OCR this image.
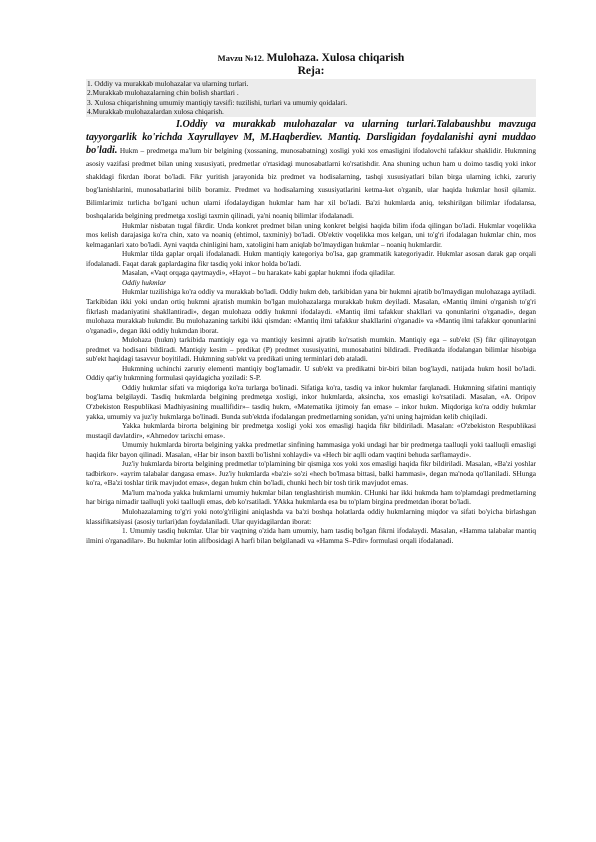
Mavzu №12. Mulohaza. Xulosa chiqarish

Reja:

1. Oddiy va murakkab mulohazalar va ularning turlari.
2.Murakkab mulohazalarning chin bolish shartlari .
3. Xulosa chiqarishning umumiy mantiqiy tavsifi: tuzilishi, turlari va umumiy qoidalari.
4.Murakkab mulohazalardan xulosa chiqarish.

I.Oddiy va murakkab mulohazalar va ularning turlari.Talabaushbu mavzuga tayyorgarlik ko'richda Xayrullayev M, M.Haqberdiev. Mantiq. Darsligidan foydalanishi ayni muddao bo'ladi. Hukm – predmetga ma'lum bir belgining (xossaning, munosabatning) xosligi yoki xos emasligini ifodalovchi tafakkur shaklidir. Hukmning asosiy vazifasi predmet bilan uning xususiyati, predmetlar o'rtasidagi munosabatlarni ko'rsatishdir. Ana shuning uchun ham u doimo tasdiq yoki inkor shakldagi fikrdan iborat bo'ladi. Fikr yuritish jarayonida biz predmet va hodisalarning, tashqi xususiyatlari bilan birga ularning ichki, zaruriy bog'lanishlarini, munosabatlarini bilib boramiz. Predmet va hodisalarning xususiyatlarini ketma-ket o'rganib, ular haqida hukmlar hosil qilamiz. Bilimlarimiz turlicha bo'lgani uchun ularni ifodalaydigan hukmlar ham har xil bo'ladi. Ba'zi hukmlarda aniq, tekshirilgan bilimlar ifodalansa, boshqalarida belgining predmetga xosligi taxmin qilinadi, ya'ni noaniq bilimlar ifodalanadi.

Hukmlar nisbatan tugal fikrdir. Unda konkret predmet bilan uning konkret belgisi haqida bilim ifoda qilingan bo'ladi. Hukmlar voqelikka mos kelish darajasiga ko'ra chin, xato va noaniq (ehtimol, taxminiy) bo'ladi. Ob'ektiv voqelikka mos kelgan, uni to'g'ri ifodalagan hukmlar chin, mos kelmaganlari xato bo'ladi. Ayni vaqtda chinligini ham, xatoligini ham aniqlab bo'lmaydigan hukmlar – noaniq hukmlardir.

Hukmlar tilda gaplar orqali ifodalanadi. Hukm mantiqiy kategoriya bo'lsa, gap grammatik kategoriyadir. Hukmlar asosan darak gap orqali ifodalanadi. Faqat darak gaplardagina fikr tasdiq yoki inkor holda bo'ladi.

Masalan, «Vaqt orqaga qaytmaydi», «Hayot – bu harakat» kabi gaplar hukmni ifoda qiladilar.

Oddiy hukmlar

Hukmlar tuzilishiga ko'ra oddiy va murakkab bo'ladi. Oddiy hukm deb, tarkibidan yana bir hukmni ajratib bo'lmaydigan mulohazaga aytiladi. Tarkibidan ikki yoki undan ortiq hukmni ajratish mumkin bo'lgan mulohazalarga murakkab hukm deyiladi. Masalan, «Mantiq ilmini o'rganish to'g'ri fikrlash madaniyatini shakllantiradi», degan mulohaza oddiy hukmni ifodalaydi. «Mantiq ilmi tafakkur shakllari va qonunlarini o'rganadi», degan mulohaza murakkab hukmdir. Bu mulohazaning tarkibi ikki qismdan: «Mantiq ilmi tafakkur shakllarini o'rganadi» va «Mantiq ilmi tafakkur qonunlarini o'rganadi», degan ikki oddiy hukmdan iborat.

Mulohaza (hukm) tarkibida mantiqiy ega va mantiqiy kesimni ajratib ko'rsatish mumkin. Mantiqiy ega – sub'ekt (S) fikr qilinayotgan predmet va hodisani bildiradi. Mantiqiy kesim – predikat (P) predmet xususiyatini, munosabatini bildiradi. Predikatda ifodalangan bilimlar hisobiga sub'ekt haqidagi tasavvur boyitiladi. Hukmning sub'ekt va predikati uning terminlari deb ataladi.

Hukmning uchinchi zaruriy elementi mantiqiy bog'lamadir. U sub'ekt va predikatni bir-biri bilan bog'laydi, natijada hukm hosil bo'ladi. Oddiy qat'iy hukmning formulasi qayidagicha yoziladi: S-P.

Oddiy hukmlar sifati va miqdoriga ko'ra turlarga bo'linadi. Sifatiga ko'ra, tasdiq va inkor hukmlar farqlanadi. Hukmning sifatini mantiqiy bog'lama belgilaydi. Tasdiq hukmlarda belgining predmetga xosligi, inkor hukmlarda, aksincha, xos emasligi ko'rsatiladi. Masalan, «A. Oripov O'zbekiston Respublikasi Madhiyasining muallifidir»– tasdiq hukm, «Matematika ijtimoiy fan emas» – inkor hukm. Miqdoriga ko'ra oddiy hukmlar yakka, umumiy va juz'iy hukmlarga bo'linadi. Bunda sub'ektda ifodalangan predmetlarning sonidan, ya'ni uning hajmidan kelib chiqiladi.

Yakka hukmlarda birorta belgining bir predmetga xosligi yoki xos emasligi haqida fikr bildiriladi. Masalan: «O'zbekiston Respublikasi mustaqil davlatdir», «Ahmedov tarixchi emas».

Umumiy hukmlarda birorta belgining yakka predmetlar sinfining hammasiga yoki undagi har bir predmetga taalluqli yoki taalluqli emasligi haqida fikr bayon qilinadi. Masalan, «Har bir inson baxtli bo'lishni xohlaydi» va «Hech bir aqlli odam vaqtini behuda sarflamaydi».

Juz'iy hukmlarda birorta belgining predmetlar to'plamining bir qismiga xos yoki xos emasligi haqida fikr bildiriladi. Masalan, «Ba'zi yoshlar tadbirkor». «ayrim talabalar dangasa emas». Juz'iy hukmlarda «ba'zi» so'zi «hech bo'lmasa bittasi, balki hammasi», degan ma'noda qo'llaniladi. SHunga ko'ra, «Ba'zi toshlar tirik mavjudot emas», degan hukm chin bo'ladi, chunki hech bir tosh tirik mavjudot emas.

Ma'lum ma'noda yakka hukmlarni umumiy hukmlar bilan tenglashtirish mumkin. CHunki har ikki hukmda ham to'plamdagi predmetlarning har biriga nimadir taalluqli yoki taalluqli emas, deb ko'rsatiladi. YAkka hukmlarda esa bu to'plam birgina predmetdan iborat bo'ladi.

Mulohazalarning to'g'ri yoki noto'g'riligini aniqlashda va ba'zi boshqa holatlarda oddiy hukmlarning miqdor va sifati bo'yicha birlashgan klassifikatsiyasi (asosiy turlari)dan foydalaniladi. Ular quyidagilardan iborat:

1. Umumiy tasdiq hukmlar. Ular bir vaqtning o'zida ham umumiy, ham tasdiq bo'lgan fikrni ifodalaydi. Masalan, «Hamma talabalar mantiq ilmini o'rganadilar». Bu hukmlar lotin alifbosidagi A harfi bilan belgilanadi va «Hamma S–Pdir» formulasi orqali ifodalanadi.
